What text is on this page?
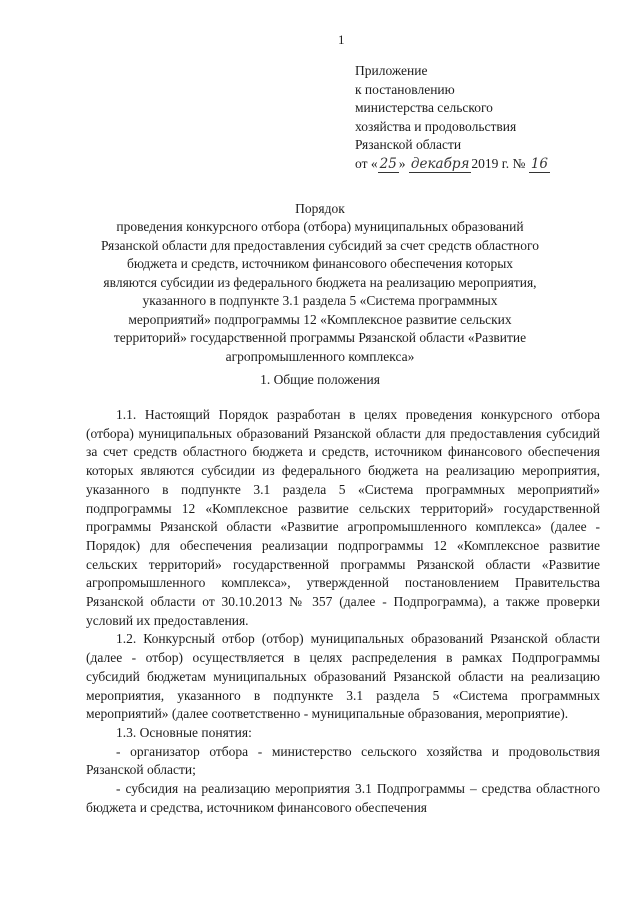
1
Приложение
к постановлению
министерства сельского
хозяйства и продовольствия
Рязанской области
от « 25 » декабря 2019 г. № 16
Порядок
проведения конкурсного отбора (отбора) муниципальных образований Рязанской области для предоставления субсидий за счет средств областного бюджета и средств, источником финансового обеспечения которых являются субсидии из федерального бюджета на реализацию мероприятия, указанного в подпункте 3.1 раздела 5 «Система программных мероприятий» подпрограммы 12 «Комплексное развитие сельских территорий» государственной программы Рязанской области «Развитие агропромышленного комплекса»
1. Общие положения

1.1. Настоящий Порядок разработан в целях проведения конкурсного отбора (отбора) муниципальных образований Рязанской области для предоставления субсидий за счет средств областного бюджета и средств, источником финансового обеспечения которых являются субсидии из федерального бюджета на реализацию мероприятия, указанного в подпункте 3.1 раздела 5 «Система программных мероприятий» подпрограммы 12 «Комплексное развитие сельских территорий» государственной программы Рязанской области «Развитие агропромышленного комплекса» (далее - Порядок) для обеспечения реализации подпрограммы 12 «Комплексное развитие сельских территорий» государственной программы Рязанской области «Развитие агропромышленного комплекса», утвержденной постановлением Правительства Рязанской области от 30.10.2013 № 357 (далее - Подпрограмма), а также проверки условий их предоставления.

1.2. Конкурсный отбор (отбор) муниципальных образований Рязанской области (далее - отбор) осуществляется в целях распределения в рамках Подпрограммы субсидий бюджетам муниципальных образований Рязанской области на реализацию мероприятия, указанного в подпункте 3.1 раздела 5 «Система программных мероприятий» (далее соответственно - муниципальные образования, мероприятие).

1.3. Основные понятия:

- организатор отбора - министерство сельского хозяйства и продовольствия Рязанской области;

- субсидия на реализацию мероприятия 3.1 Подпрограммы – средства областного бюджета и средства, источником финансового обеспечения
